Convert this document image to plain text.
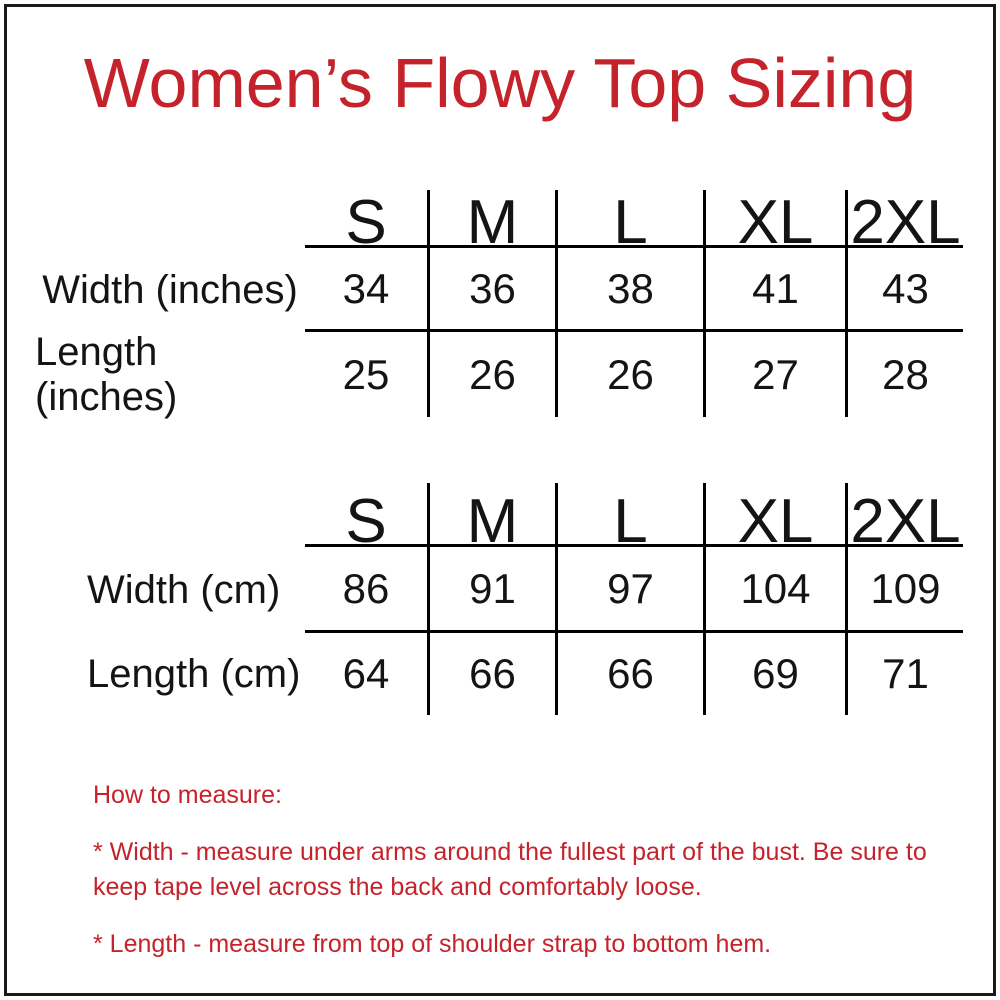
Women’s Flowy Top Sizing
S M L XL 2XL
Width (inches)	34	36	38	41	43
Length (inches)	25	26	26	27	28
S M L XL 2XL
Width (cm)	86	91	97	104	109
Length (cm)	64	66	66	69	71

How to measure:

* Width - measure under arms around the fullest part of the bust. Be sure to keep tape level across the back and comfortably loose.

* Length - measure from top of shoulder strap to bottom hem.
